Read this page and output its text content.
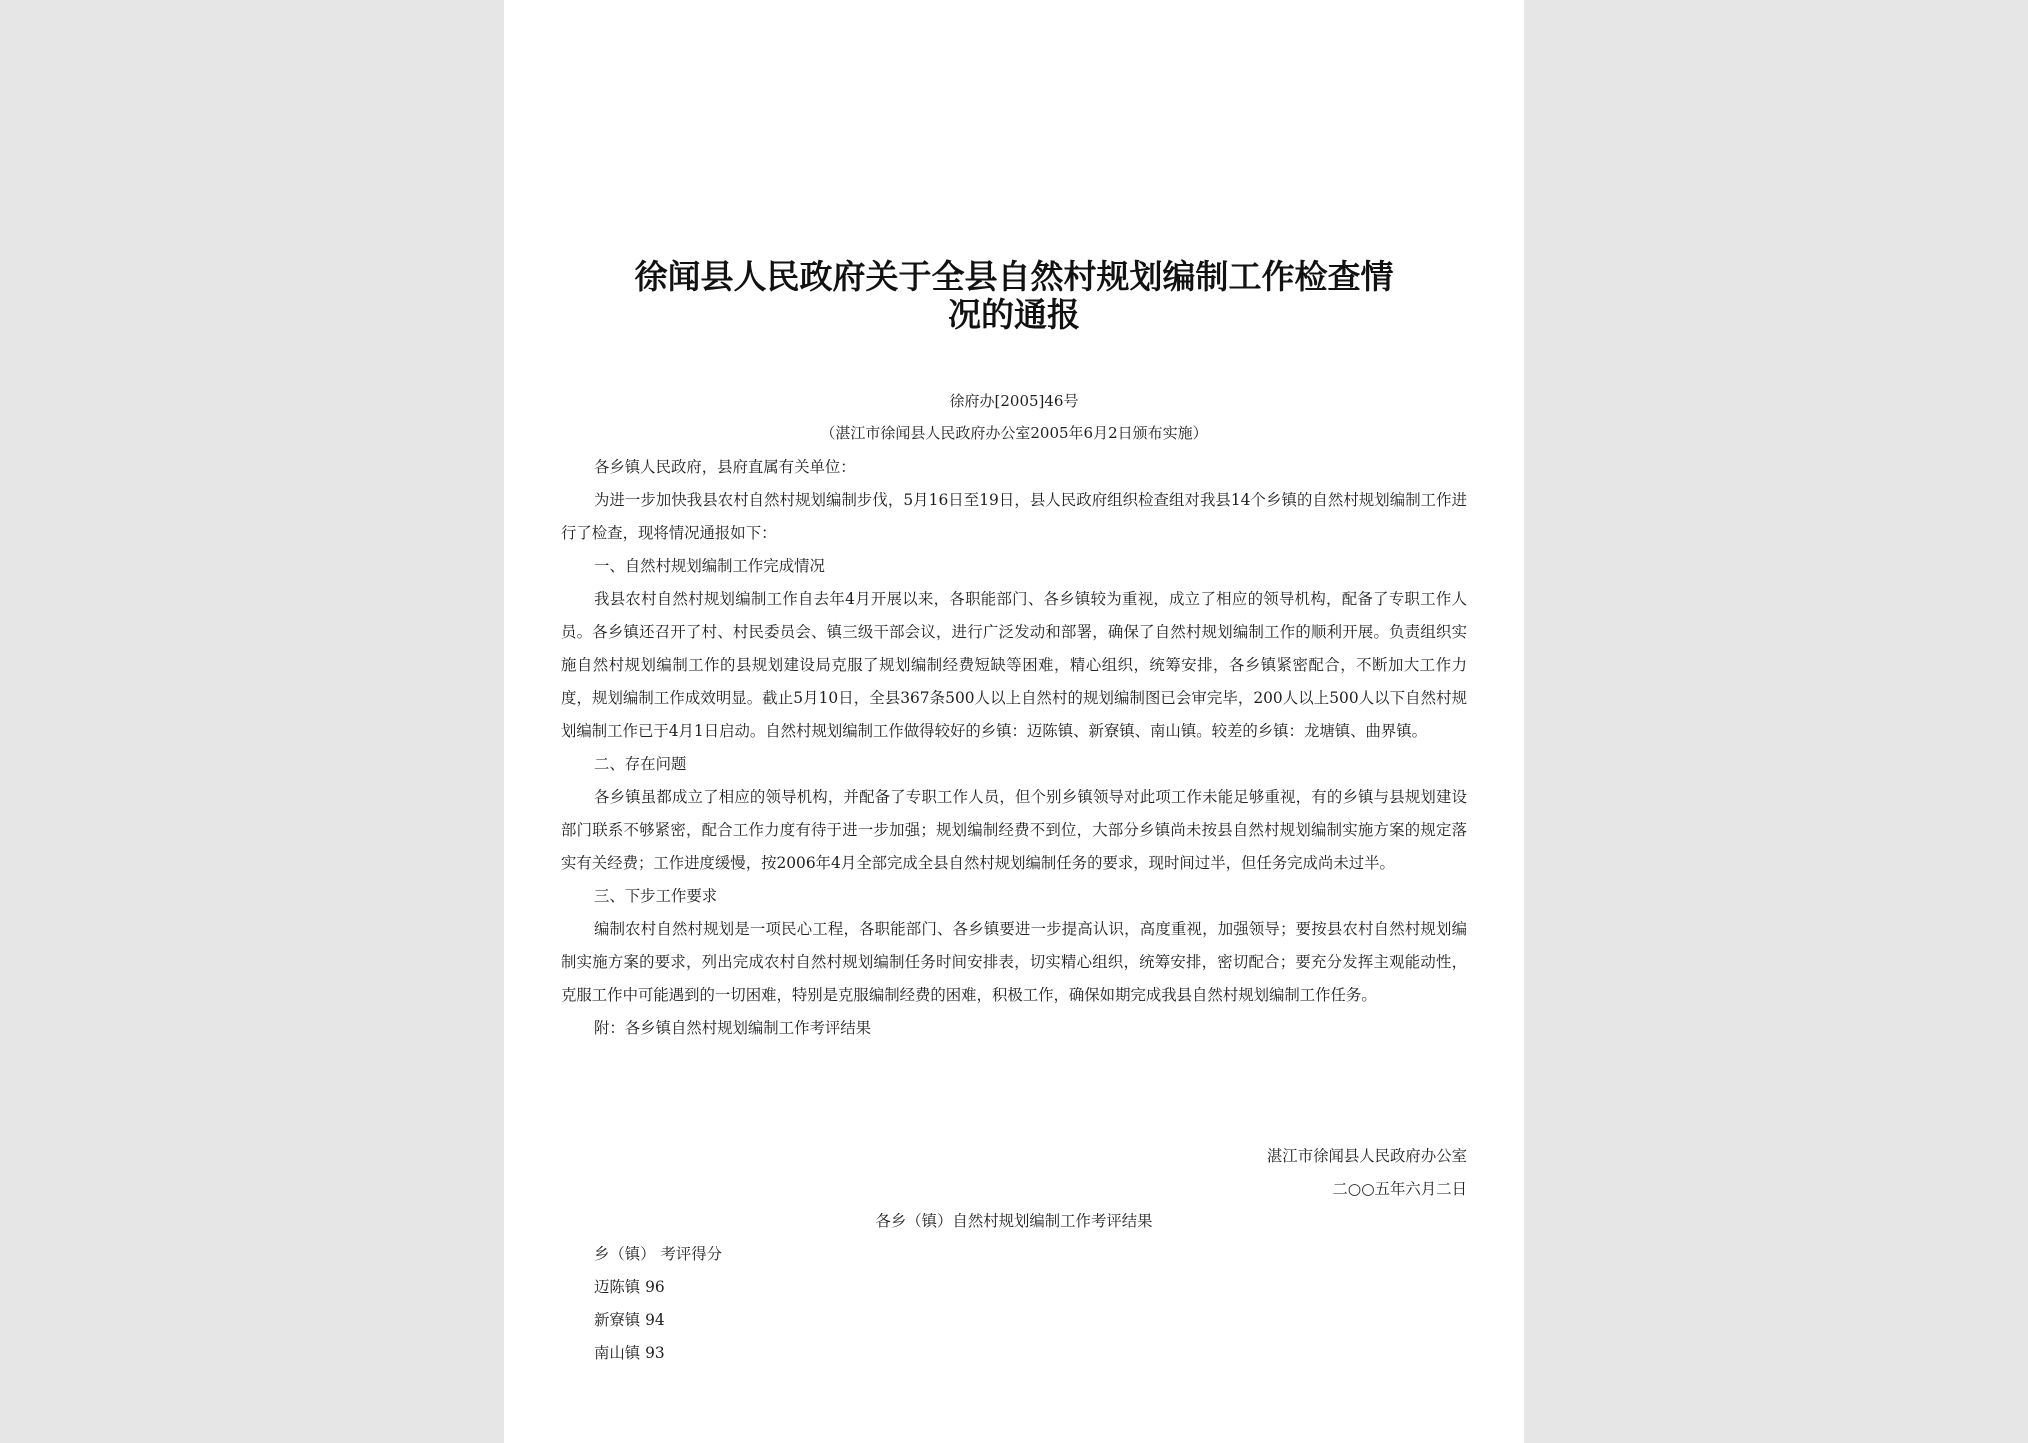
徐闻县人民政府关于全县自然村规划编制工作检查情
况的通报
徐府办[2005]46号
（湛江市徐闻县人民政府办公室2005年6月2日颁布实施）

各乡镇人民政府，县府直属有关单位：

为进一步加快我县农村自然村规划编制步伐，5月16日至19日，县人民政府组织检查组对我县14个乡镇的自然村规划编制工作进行了检查，现将情况通报如下：

一、自然村规划编制工作完成情况

我县农村自然村规划编制工作自去年4月开展以来，各职能部门、各乡镇较为重视，成立了相应的领导机构，配备了专职工作人员。各乡镇还召开了村、村民委员会、镇三级干部会议，进行广泛发动和部署，确保了自然村规划编制工作的顺利开展。负责组织实施自然村规划编制工作的县规划建设局克服了规划编制经费短缺等困难，精心组织，统筹安排，各乡镇紧密配合，不断加大工作力度，规划编制工作成效明显。截止5月10日，全县367条500人以上自然村的规划编制图已会审完毕，200人以上500人以下自然村规划编制工作已于4月1日启动。自然村规划编制工作做得较好的乡镇：迈陈镇、新寮镇、南山镇。较差的乡镇：龙塘镇、曲界镇。

二、存在问题

各乡镇虽都成立了相应的领导机构，并配备了专职工作人员，但个别乡镇领导对此项工作未能足够重视，有的乡镇与县规划建设部门联系不够紧密，配合工作力度有待于进一步加强；规划编制经费不到位，大部分乡镇尚未按县自然村规划编制实施方案的规定落实有关经费；工作进度缓慢，按2006年4月全部完成全县自然村规划编制任务的要求，现时间过半，但任务完成尚未过半。

三、下步工作要求

编制农村自然村规划是一项民心工程，各职能部门、各乡镇要进一步提高认识，高度重视，加强领导；要按县农村自然村规划编制实施方案的要求，列出完成农村自然村规划编制任务时间安排表，切实精心组织，统筹安排，密切配合；要充分发挥主观能动性，克服工作中可能遇到的一切困难，特别是克服编制经费的困难，积极工作，确保如期完成我县自然村规划编制工作任务。

附：各乡镇自然村规划编制工作考评结果

湛江市徐闻县人民政府办公室
二○○五年六月二日
各乡（镇）自然村规划编制工作考评结果
乡（镇） 考评得分
迈陈镇 96
新寮镇 94
南山镇 93
